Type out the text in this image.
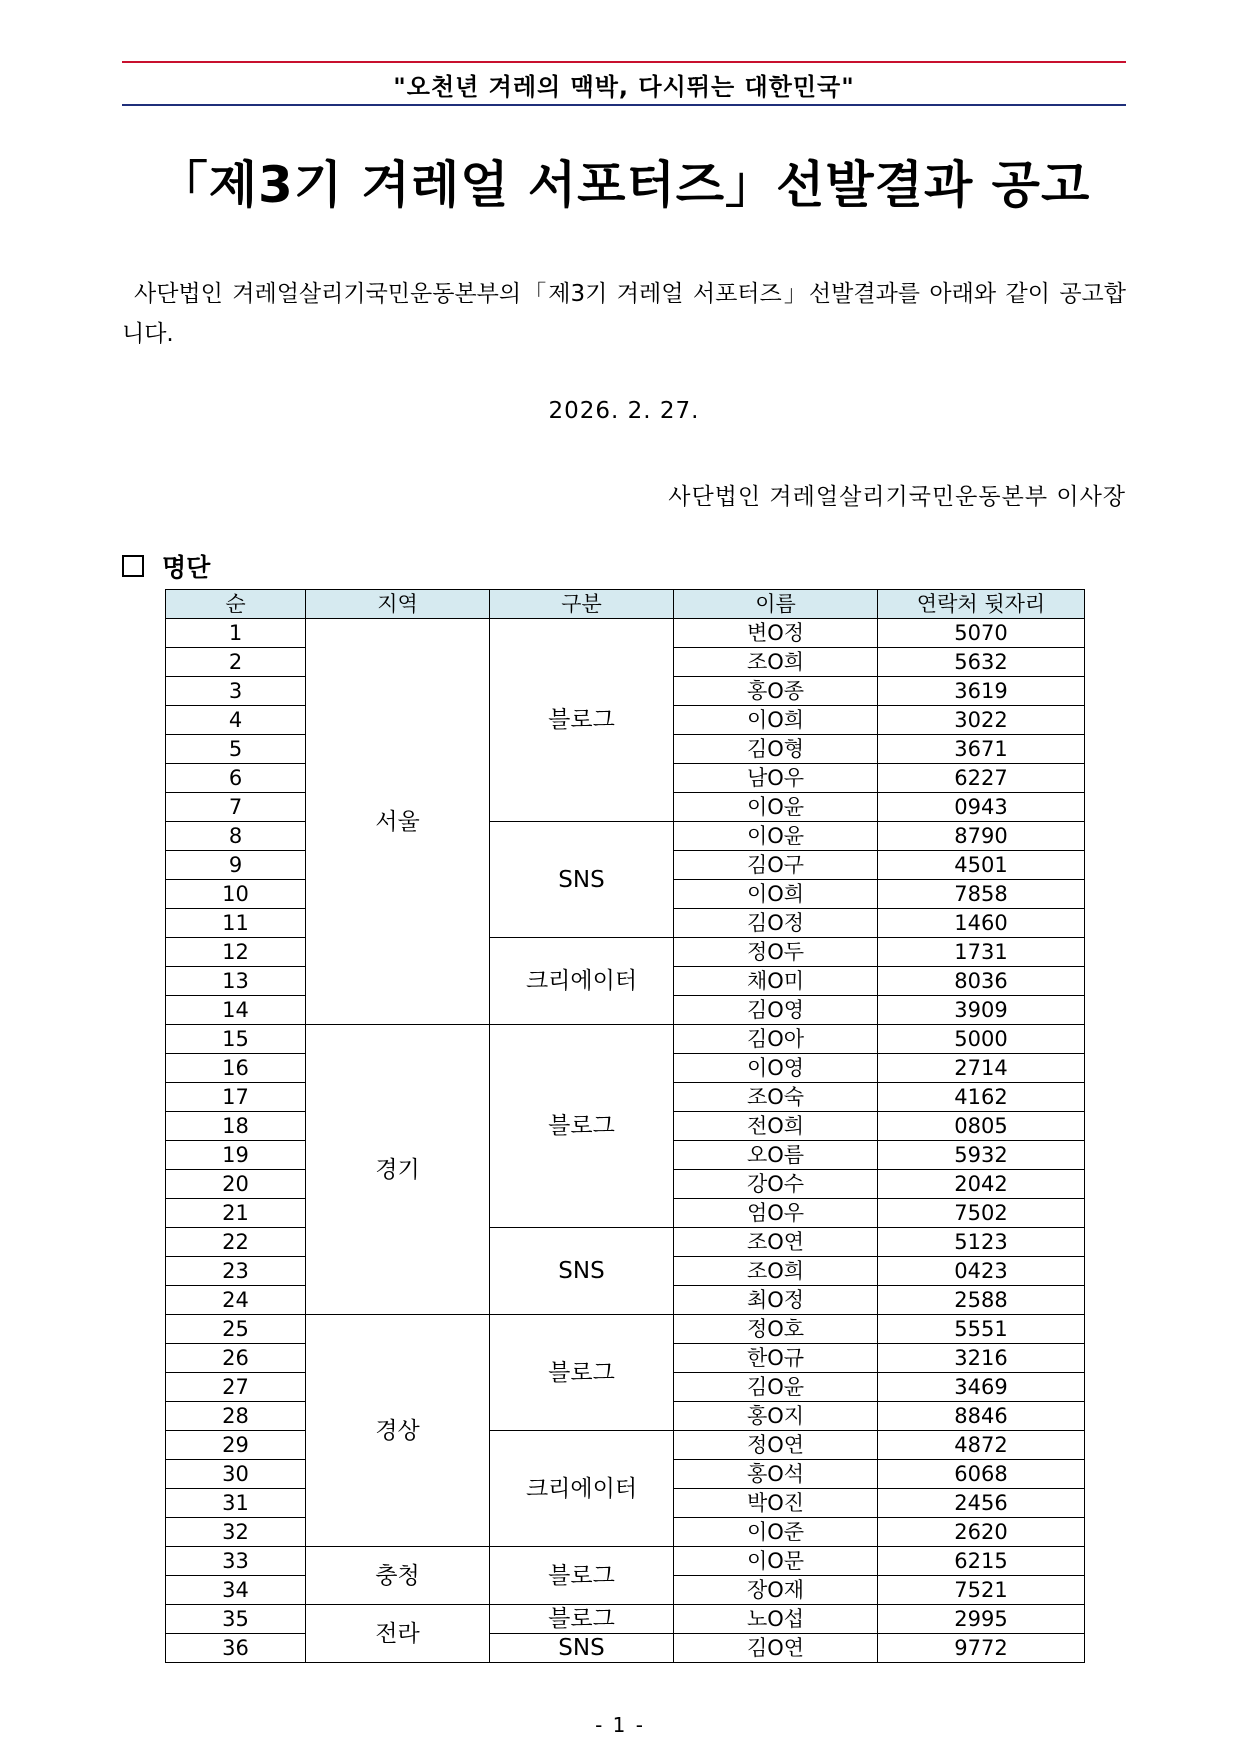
"오천년 겨레의 맥박, 다시뛰는 대한민국"
「제3기 겨레얼 서포터즈」선발결과 공고
사단법인 겨레얼살리기국민운동본부의「제3기 겨레얼 서포터즈」선발결과를 아래와 같이 공고합니다.
2026. 2. 27.
사단법인 겨레얼살리기국민운동본부 이사장
명단
순	지역	구분	이름	연락처 뒷자리
1	서울	블로그	변O정	5070
2			조O희	5632
3			홍O종	3619
4			이O희	3022
5			김O형	3671
6			남O우	6227
7			이O윤	0943
8		SNS	이O윤	8790
9			김O구	4501
10			이O희	7858
11			김O정	1460
12		크리에이터	정O두	1731
13			채O미	8036
14			김O영	3909
15	경기	블로그	김O아	5000
16			이O영	2714
17			조O숙	4162
18			전O희	0805
19			오O름	5932
20			강O수	2042
21			엄O우	7502
22		SNS	조O연	5123
23			조O희	0423
24			최O정	2588
25	경상	블로그	정O호	5551
26			한O규	3216
27			김O윤	3469
28			홍O지	8846
29		크리에이터	정O연	4872
30			홍O석	6068
31			박O진	2456
32			이O준	2620
33	충청	블로그	이O문	6215
34			장O재	7521
35	전라	블로그	노O섭	2995
36		SNS	김O연	9772
- 1 -
